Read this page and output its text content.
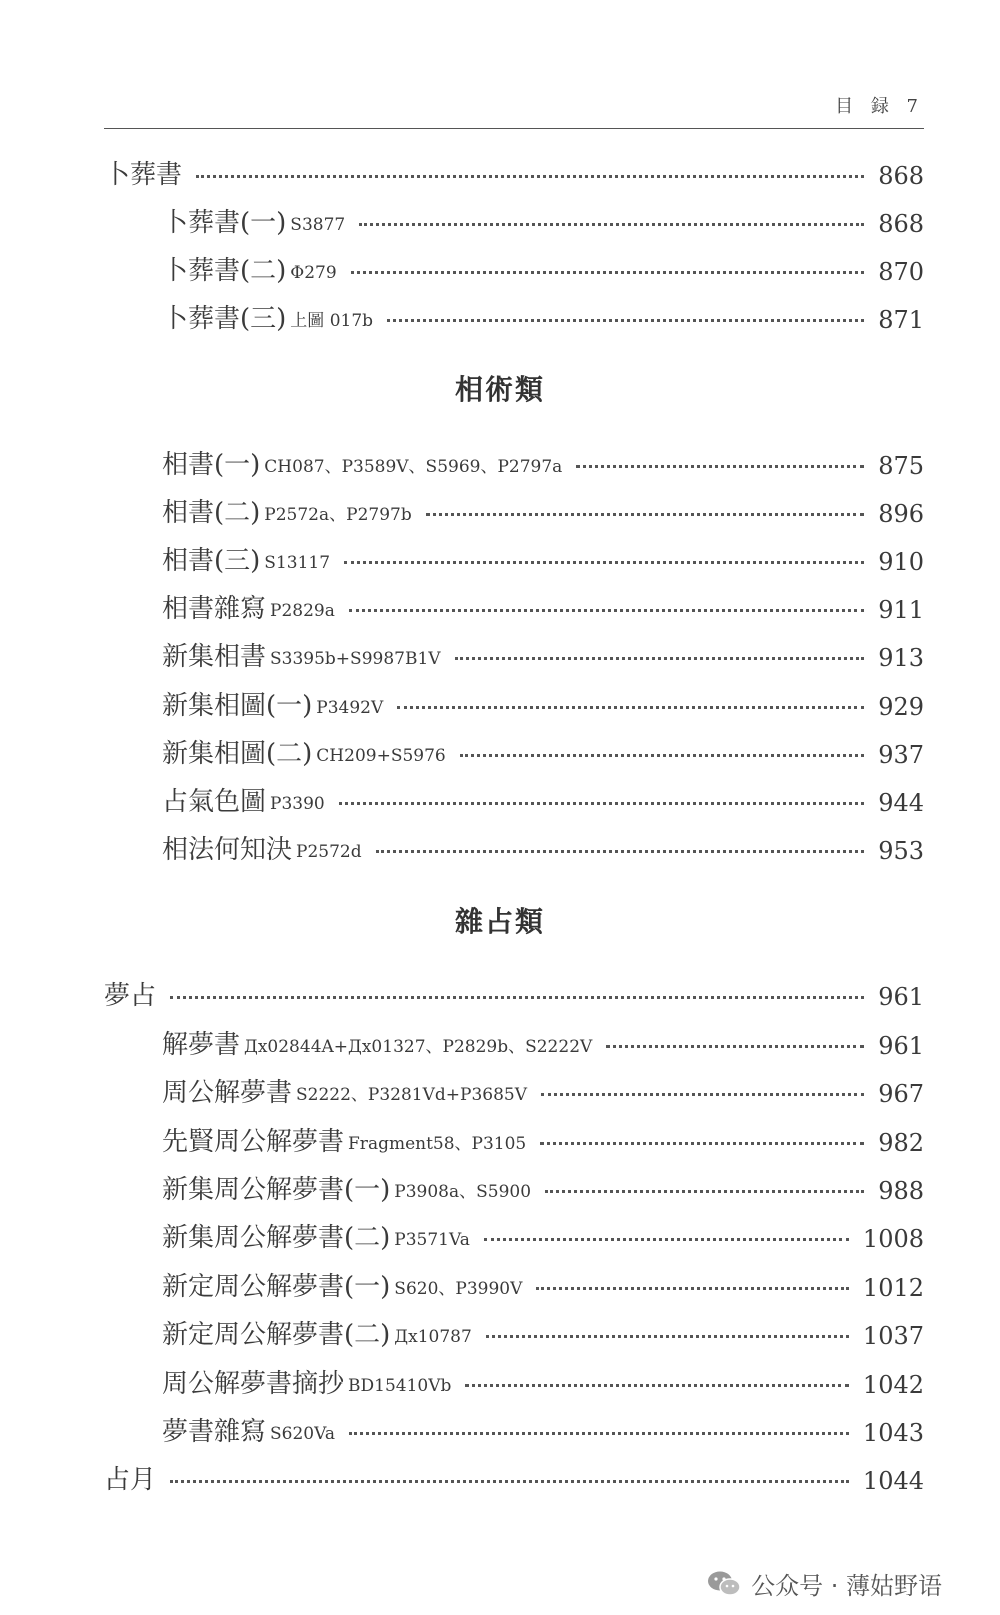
目 録 7
卜葬書	868
卜葬書(一) S3877	868
卜葬書(二) Φ279	870
卜葬書(三) 上圖 017b	871
相術類
相書(一) CH087、P3589V、S5969、P2797a	875
相書(二) P2572a、P2797b	896
相書(三) S13117	910
相書雜寫 P2829a	911
新集相書 S3395b+S9987B1V	913
新集相圖(一) P3492V	929
新集相圖(二) CH209+S5976	937
占氣色圖 P3390	944
相法何知決 P2572d	953
雜占類
夢占	961
解夢書 Дx02844A+Дx01327、P2829b、S2222V	961
周公解夢書 S2222、P3281Vd+P3685V	967
先賢周公解夢書 Fragment58、P3105	982
新集周公解夢書(一) P3908a、S5900	988
新集周公解夢書(二) P3571Va	1008
新定周公解夢書(一) S620、P3990V	1012
新定周公解夢書(二) Дx10787	1037
周公解夢書摘抄 BD15410Vb	1042
夢書雜寫 S620Va	1043
占月	1044
公众号 · 薄姑野语
